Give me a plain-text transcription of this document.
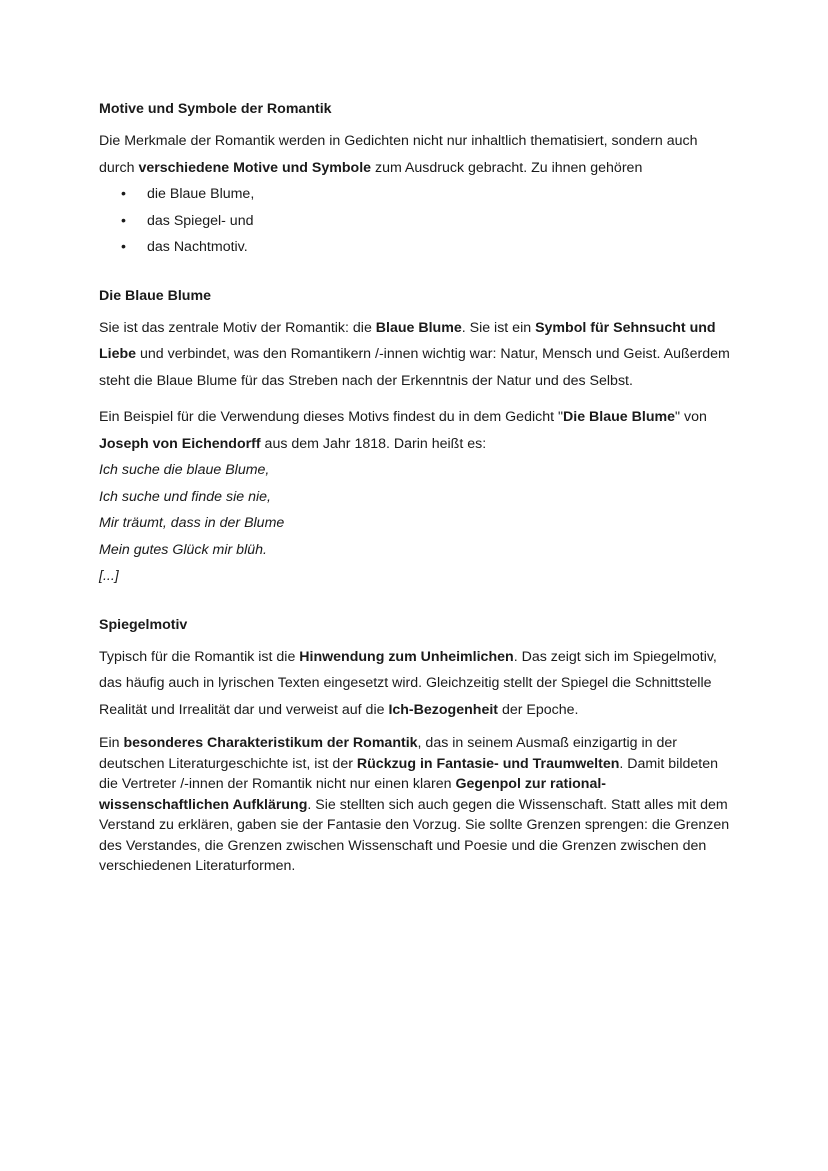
Motive und Symbole der Romantik

Die Merkmale der Romantik werden in Gedichten nicht nur inhaltlich thematisiert, sondern auch durch verschiedene Motive und Symbole zum Ausdruck gebracht. Zu ihnen gehören

• die Blaue Blume,
• das Spiegel- und
• das Nachtmotiv.
Die Blaue Blume

Sie ist das zentrale Motiv der Romantik: die Blaue Blume. Sie ist ein Symbol für Sehnsucht und Liebe und verbindet, was den Romantikern /-innen wichtig war: Natur, Mensch und Geist. Außerdem steht die Blaue Blume für das Streben nach der Erkenntnis der Natur und des Selbst.

Ein Beispiel für die Verwendung dieses Motivs findest du in dem Gedicht "Die Blaue Blume" von Joseph von Eichendorff aus dem Jahr 1818. Darin heißt es:

Ich suche die blaue Blume,
Ich suche und finde sie nie,
Mir träumt, dass in der Blume
Mein gutes Glück mir blüh.
[...]
Spiegelmotiv

Typisch für die Romantik ist die Hinwendung zum Unheimlichen. Das zeigt sich im Spiegelmotiv, das häufig auch in lyrischen Texten eingesetzt wird. Gleichzeitig stellt der Spiegel die Schnittstelle Realität und Irrealität dar und verweist auf die Ich-Bezogenheit der Epoche.

Ein besonderes Charakteristikum der Romantik, das in seinem Ausmaß einzigartig in der deutschen Literaturgeschichte ist, ist der Rückzug in Fantasie- und Traumwelten. Damit bildeten die Vertreter /-innen der Romantik nicht nur einen klaren Gegenpol zur rational-wissenschaftlichen Aufklärung. Sie stellten sich auch gegen die Wissenschaft. Statt alles mit dem Verstand zu erklären, gaben sie der Fantasie den Vorzug. Sie sollte Grenzen sprengen: die Grenzen des Verstandes, die Grenzen zwischen Wissenschaft und Poesie und die Grenzen zwischen den verschiedenen Literaturformen.
